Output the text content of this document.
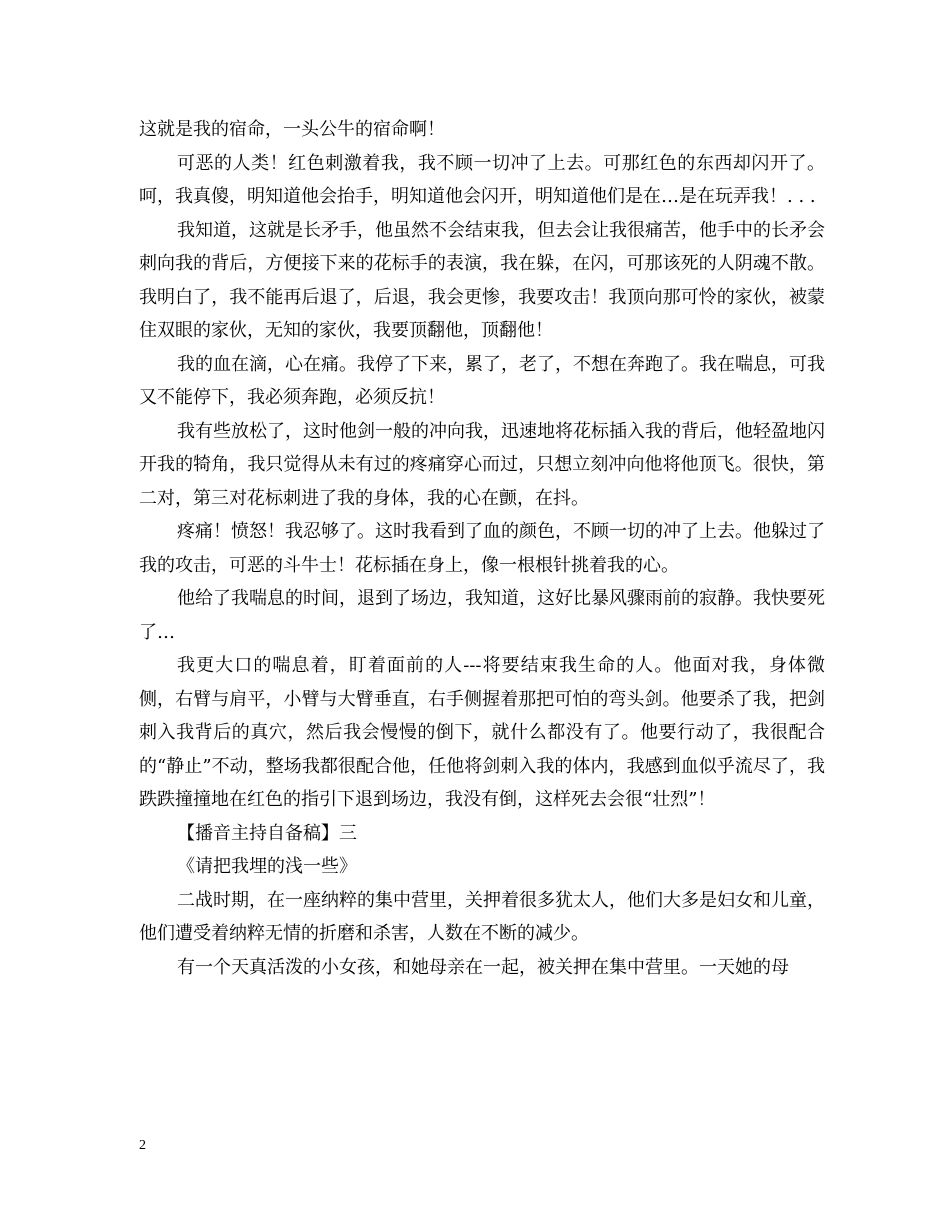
这就是我的宿命，一头公牛的宿命啊！

可恶的人类！红色刺激着我，我不顾一切冲了上去。可那红色的东西却闪开了。呵，我真傻，明知道他会抬手，明知道他会闪开，明知道他们是在…是在玩弄我！. . .

我知道，这就是长矛手，他虽然不会结束我，但去会让我很痛苦，他手中的长矛会刺向我的背后，方便接下来的花标手的表演，我在躲，在闪，可那该死的人阴魂不散。我明白了，我不能再后退了，后退，我会更惨，我要攻击！我顶向那可怜的家伙，被蒙住双眼的家伙，无知的家伙，我要顶翻他，顶翻他！

我的血在滴，心在痛。我停了下来，累了，老了，不想在奔跑了。我在喘息，可我又不能停下，我必须奔跑，必须反抗！

我有些放松了，这时他剑一般的冲向我，迅速地将花标插入我的背后，他轻盈地闪开我的犄角，我只觉得从未有过的疼痛穿心而过，只想立刻冲向他将他顶飞。很快，第二对，第三对花标刺进了我的身体，我的心在颤，在抖。

疼痛！愤怒！我忍够了。这时我看到了血的颜色，不顾一切的冲了上去。他躲过了我的攻击，可恶的斗牛士！花标插在身上，像一根根针挑着我的心。

他给了我喘息的时间，退到了场边，我知道，这好比暴风骤雨前的寂静。我快要死了…

我更大口的喘息着，盯着面前的人---将要结束我生命的人。他面对我，身体微侧，右臂与肩平，小臂与大臂垂直，右手侧握着那把可怕的弯头剑。他要杀了我，把剑刺入我背后的真穴，然后我会慢慢的倒下，就什么都没有了。他要行动了，我很配合的“静止”不动，整场我都很配合他，任他将剑刺入我的体内，我感到血似乎流尽了，我跌跌撞撞地在红色的指引下退到场边，我没有倒，这样死去会很“壮烈”！

【播音主持自备稿】三

《请把我埋的浅一些》

二战时期，在一座纳粹的集中营里，关押着很多犹太人，他们大多是妇女和儿童，他们遭受着纳粹无情的折磨和杀害，人数在不断的减少。

有一个天真活泼的小女孩，和她母亲在一起，被关押在集中营里。一天她的母

2
